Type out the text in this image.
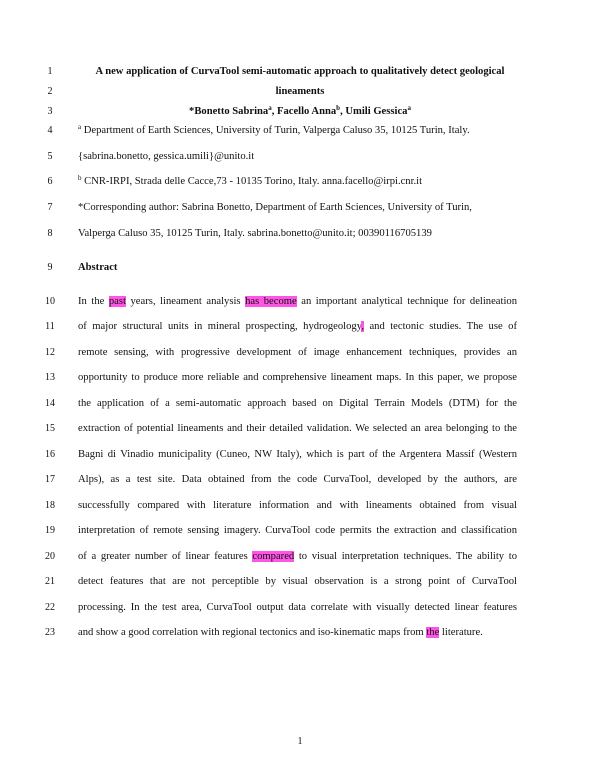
1
2
3
4
5
6
7
8
9
10
11
12
13
14
15
16
17
18
19
20
21
22
23
A new application of CurvaTool semi-automatic approach to qualitatively detect geological
lineaments
*Bonetto Sabrina$^a$, Facello Anna$^b$, Umili Gessica$^a$
$^a$ Department of Earth Sciences, University of Turin, Valperga Caluso 35, 10125 Turin, Italy.
{sabrina.bonetto, gessica.umili}@unito.it
$^b$ CNR-IRPI, Strada delle Cacce,73 - 10135 Torino, Italy. anna.facello@irpi.cnr.it
*Corresponding author: Sabrina Bonetto, Department of Earth Sciences, University of Turin,
Valperga Caluso 35, 10125 Turin, Italy. sabrina.bonetto@unito.it; 00390116705139
Abstract
In the past years, lineament analysis has become an important analytical technique for delineation
of major structural units in mineral prospecting, hydrogeology, and tectonic studies. The use of
remote sensing, with progressive development of image enhancement techniques, provides an
opportunity to produce more reliable and comprehensive lineament maps. In this paper, we propose
the application of a semi-automatic approach based on Digital Terrain Models (DTM) for the
extraction of potential lineaments and their detailed validation. We selected an area belonging to the
Bagni di Vinadio municipality (Cuneo, NW Italy), which is part of the Argentera Massif (Western
Alps), as a test site. Data obtained from the code CurvaTool, developed by the authors, are
successfully compared with literature information and with lineaments obtained from visual
interpretation of remote sensing imagery. CurvaTool code permits the extraction and classification
of a greater number of linear features compared to visual interpretation techniques. The ability to
detect features that are not perceptible by visual observation is a strong point of CurvaTool
processing. In the test area, CurvaTool output data correlate with visually detected linear features
and show a good correlation with regional tectonics and iso-kinematic maps from the literature.
1
